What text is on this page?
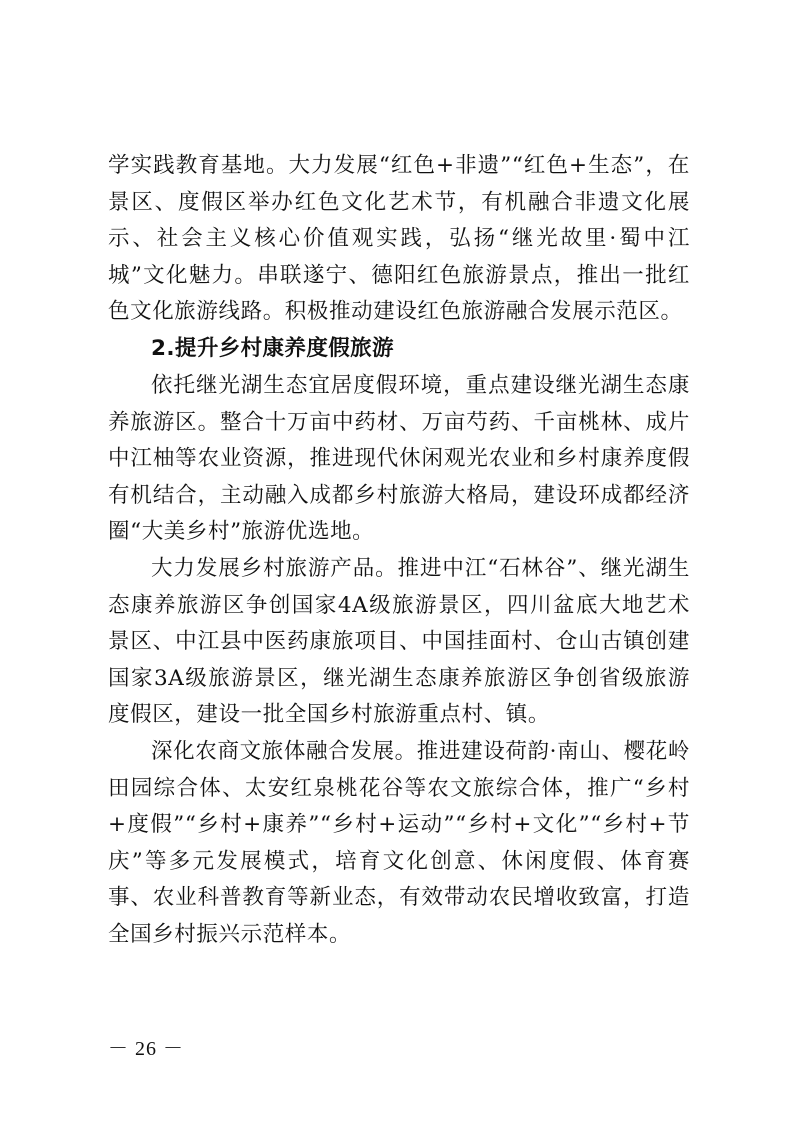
学实践教育基地。大力发展“红色+非遗”“红色+生态”，在景区、度假区举办红色文化艺术节，有机融合非遗文化展示、社会主义核心价值观实践，弘扬“继光故里·蜀中江城”文化魅力。串联遂宁、德阳红色旅游景点，推出一批红色文化旅游线路。积极推动建设红色旅游融合发展示范区。

2.提升乡村康养度假旅游

依托继光湖生态宜居度假环境，重点建设继光湖生态康养旅游区。整合十万亩中药材、万亩芍药、千亩桃林、成片中江柚等农业资源，推进现代休闲观光农业和乡村康养度假有机结合，主动融入成都乡村旅游大格局，建设环成都经济圈“大美乡村”旅游优选地。

大力发展乡村旅游产品。推进中江“石林谷”、继光湖生态康养旅游区争创国家4A级旅游景区，四川盆底大地艺术景区、中江县中医药康旅项目、中国挂面村、仓山古镇创建国家3A级旅游景区，继光湖生态康养旅游区争创省级旅游度假区，建设一批全国乡村旅游重点村、镇。

深化农商文旅体融合发展。推进建设荷韵·南山、樱花岭田园综合体、太安红泉桃花谷等农文旅综合体，推广“乡村+度假”“乡村+康养”“乡村+运动”“乡村+文化”“乡村+节庆”等多元发展模式，培育文化创意、休闲度假、体育赛事、农业科普教育等新业态，有效带动农民增收致富，打造全国乡村振兴示范样本。

－ 26 －
